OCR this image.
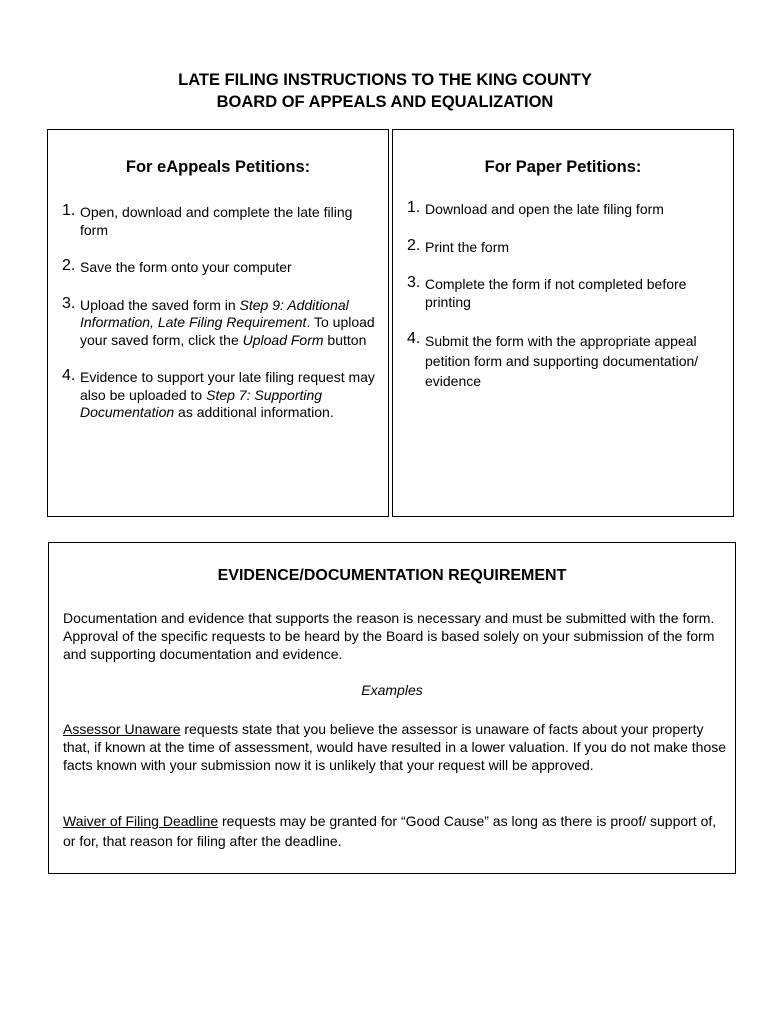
LATE FILING INSTRUCTIONS TO THE KING COUNTY
BOARD OF APPEALS AND EQUALIZATION
For eAppeals Petitions:
1. Open, download and complete the late filing form
2. Save the form onto your computer
3. Upload the saved form in Step 9: Additional Information, Late Filing Requirement. To upload your saved form, click the Upload Form button
4. Evidence to support your late filing request may also be uploaded to Step 7: Supporting Documentation as additional information.
For Paper Petitions:
1. Download and open the late filing form
2. Print the form
3. Complete the form if not completed before printing
4. Submit the form with the appropriate appeal petition form and supporting documentation/ evidence
EVIDENCE/DOCUMENTATION REQUIREMENT
Documentation and evidence that supports the reason is necessary and must be submitted with the form. Approval of the specific requests to be heard by the Board is based solely on your submission of the form and supporting documentation and evidence.
Examples
Assessor Unaware requests state that you believe the assessor is unaware of facts about your property that, if known at the time of assessment, would have resulted in a lower valuation. If you do not make those facts known with your submission now it is unlikely that your request will be approved.
Waiver of Filing Deadline requests may be granted for “Good Cause” as long as there is proof/ support of, or for, that reason for filing after the deadline.
